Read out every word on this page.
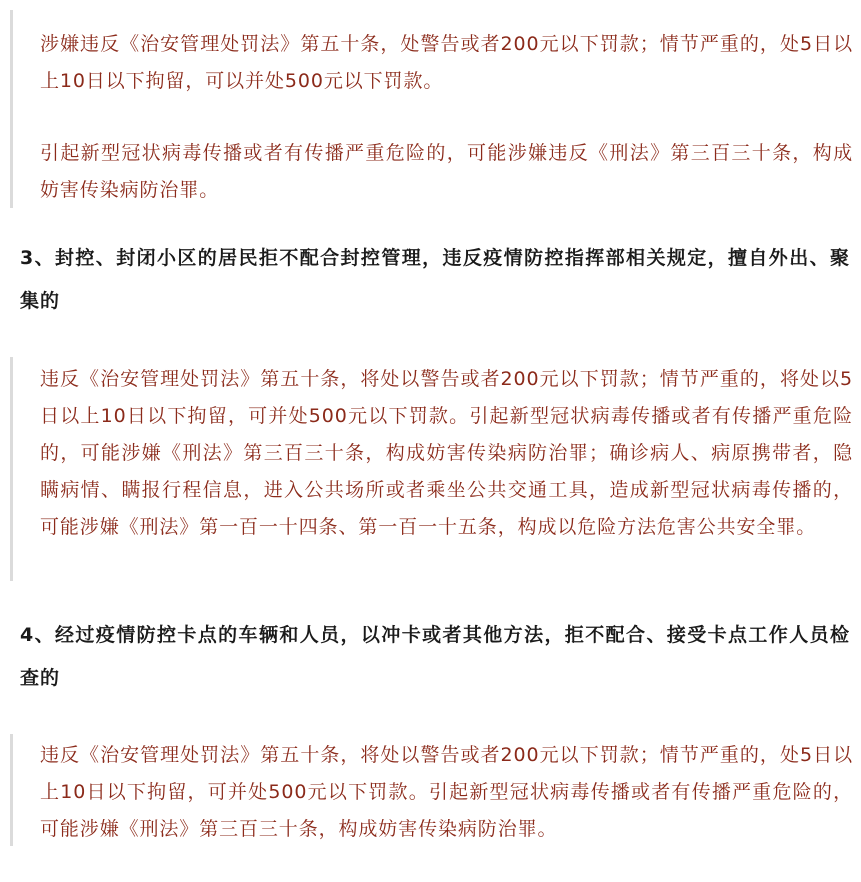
涉嫌违反《治安管理处罚法》第五十条，处警告或者200元以下罚款；情节严重的，处5日以上10日以下拘留，可以并处500元以下罚款。

引起新型冠状病毒传播或者有传播严重危险的，可能涉嫌违反《刑法》第三百三十条，构成妨害传染病防治罪。

3、封控、封闭小区的居民拒不配合封控管理，违反疫情防控指挥部相关规定，擅自外出、聚集的

违反《治安管理处罚法》第五十条，将处以警告或者200元以下罚款；情节严重的，将处以5日以上10日以下拘留，可并处500元以下罚款。引起新型冠状病毒传播或者有传播严重危险的，可能涉嫌《刑法》第三百三十条，构成妨害传染病防治罪；确诊病人、病原携带者，隐瞒病情、瞒报行程信息，进入公共场所或者乘坐公共交通工具，造成新型冠状病毒传播的，可能涉嫌《刑法》第一百一十四条、第一百一十五条，构成以危险方法危害公共安全罪。

4、经过疫情防控卡点的车辆和人员，以冲卡或者其他方法，拒不配合、接受卡点工作人员检查的

违反《治安管理处罚法》第五十条，将处以警告或者200元以下罚款；情节严重的，处5日以上10日以下拘留，可并处500元以下罚款。引起新型冠状病毒传播或者有传播严重危险的，可能涉嫌《刑法》第三百三十条，构成妨害传染病防治罪。
